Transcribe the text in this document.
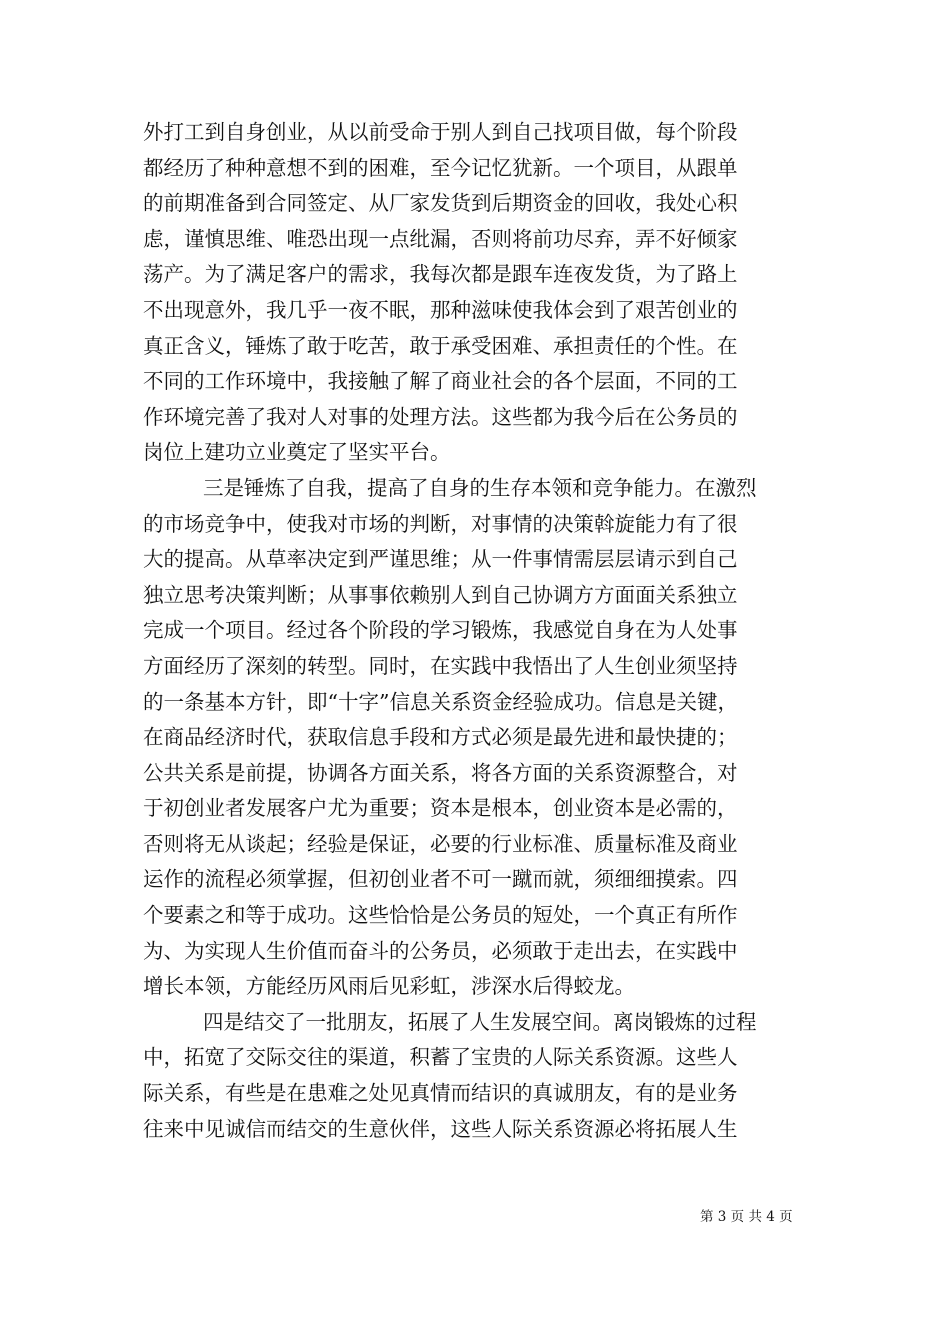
外打工到自身创业，从以前受命于别人到自己找项目做，每个阶段
都经历了种种意想不到的困难，至今记忆犹新。一个项目，从跟单
的前期准备到合同签定、从厂家发货到后期资金的回收，我处心积
虑，谨慎思维、唯恐出现一点纰漏，否则将前功尽弃，弄不好倾家
荡产。为了满足客户的需求，我每次都是跟车连夜发货，为了路上
不出现意外，我几乎一夜不眠，那种滋味使我体会到了艰苦创业的
真正含义，锤炼了敢于吃苦，敢于承受困难、承担责任的个性。在
不同的工作环境中，我接触了解了商业社会的各个层面，不同的工
作环境完善了我对人对事的处理方法。这些都为我今后在公务员的
岗位上建功立业奠定了坚实平台。
三是锤炼了自我，提高了自身的生存本领和竞争能力。在激烈
的市场竞争中，使我对市场的判断，对事情的决策斡旋能力有了很
大的提高。从草率决定到严谨思维；从一件事情需层层请示到自己
独立思考决策判断；从事事依赖别人到自己协调方方面面关系独立
完成一个项目。经过各个阶段的学习锻炼，我感觉自身在为人处事
方面经历了深刻的转型。同时，在实践中我悟出了人生创业须坚持
的一条基本方针，即“十字”信息关系资金经验成功。信息是关键，
在商品经济时代，获取信息手段和方式必须是最先进和最快捷的；
公共关系是前提，协调各方面关系，将各方面的关系资源整合，对
于初创业者发展客户尤为重要；资本是根本，创业资本是必需的，
否则将无从谈起；经验是保证，必要的行业标准、质量标准及商业
运作的流程必须掌握，但初创业者不可一蹴而就，须细细摸索。四
个要素之和等于成功。这些恰恰是公务员的短处，一个真正有所作
为、为实现人生价值而奋斗的公务员，必须敢于走出去，在实践中
增长本领，方能经历风雨后见彩虹，涉深水后得蛟龙。
四是结交了一批朋友，拓展了人生发展空间。离岗锻炼的过程
中，拓宽了交际交往的渠道，积蓄了宝贵的人际关系资源。这些人
际关系，有些是在患难之处见真情而结识的真诚朋友，有的是业务
往来中见诚信而结交的生意伙伴，这些人际关系资源必将拓展人生
第 3 页 共 4 页
